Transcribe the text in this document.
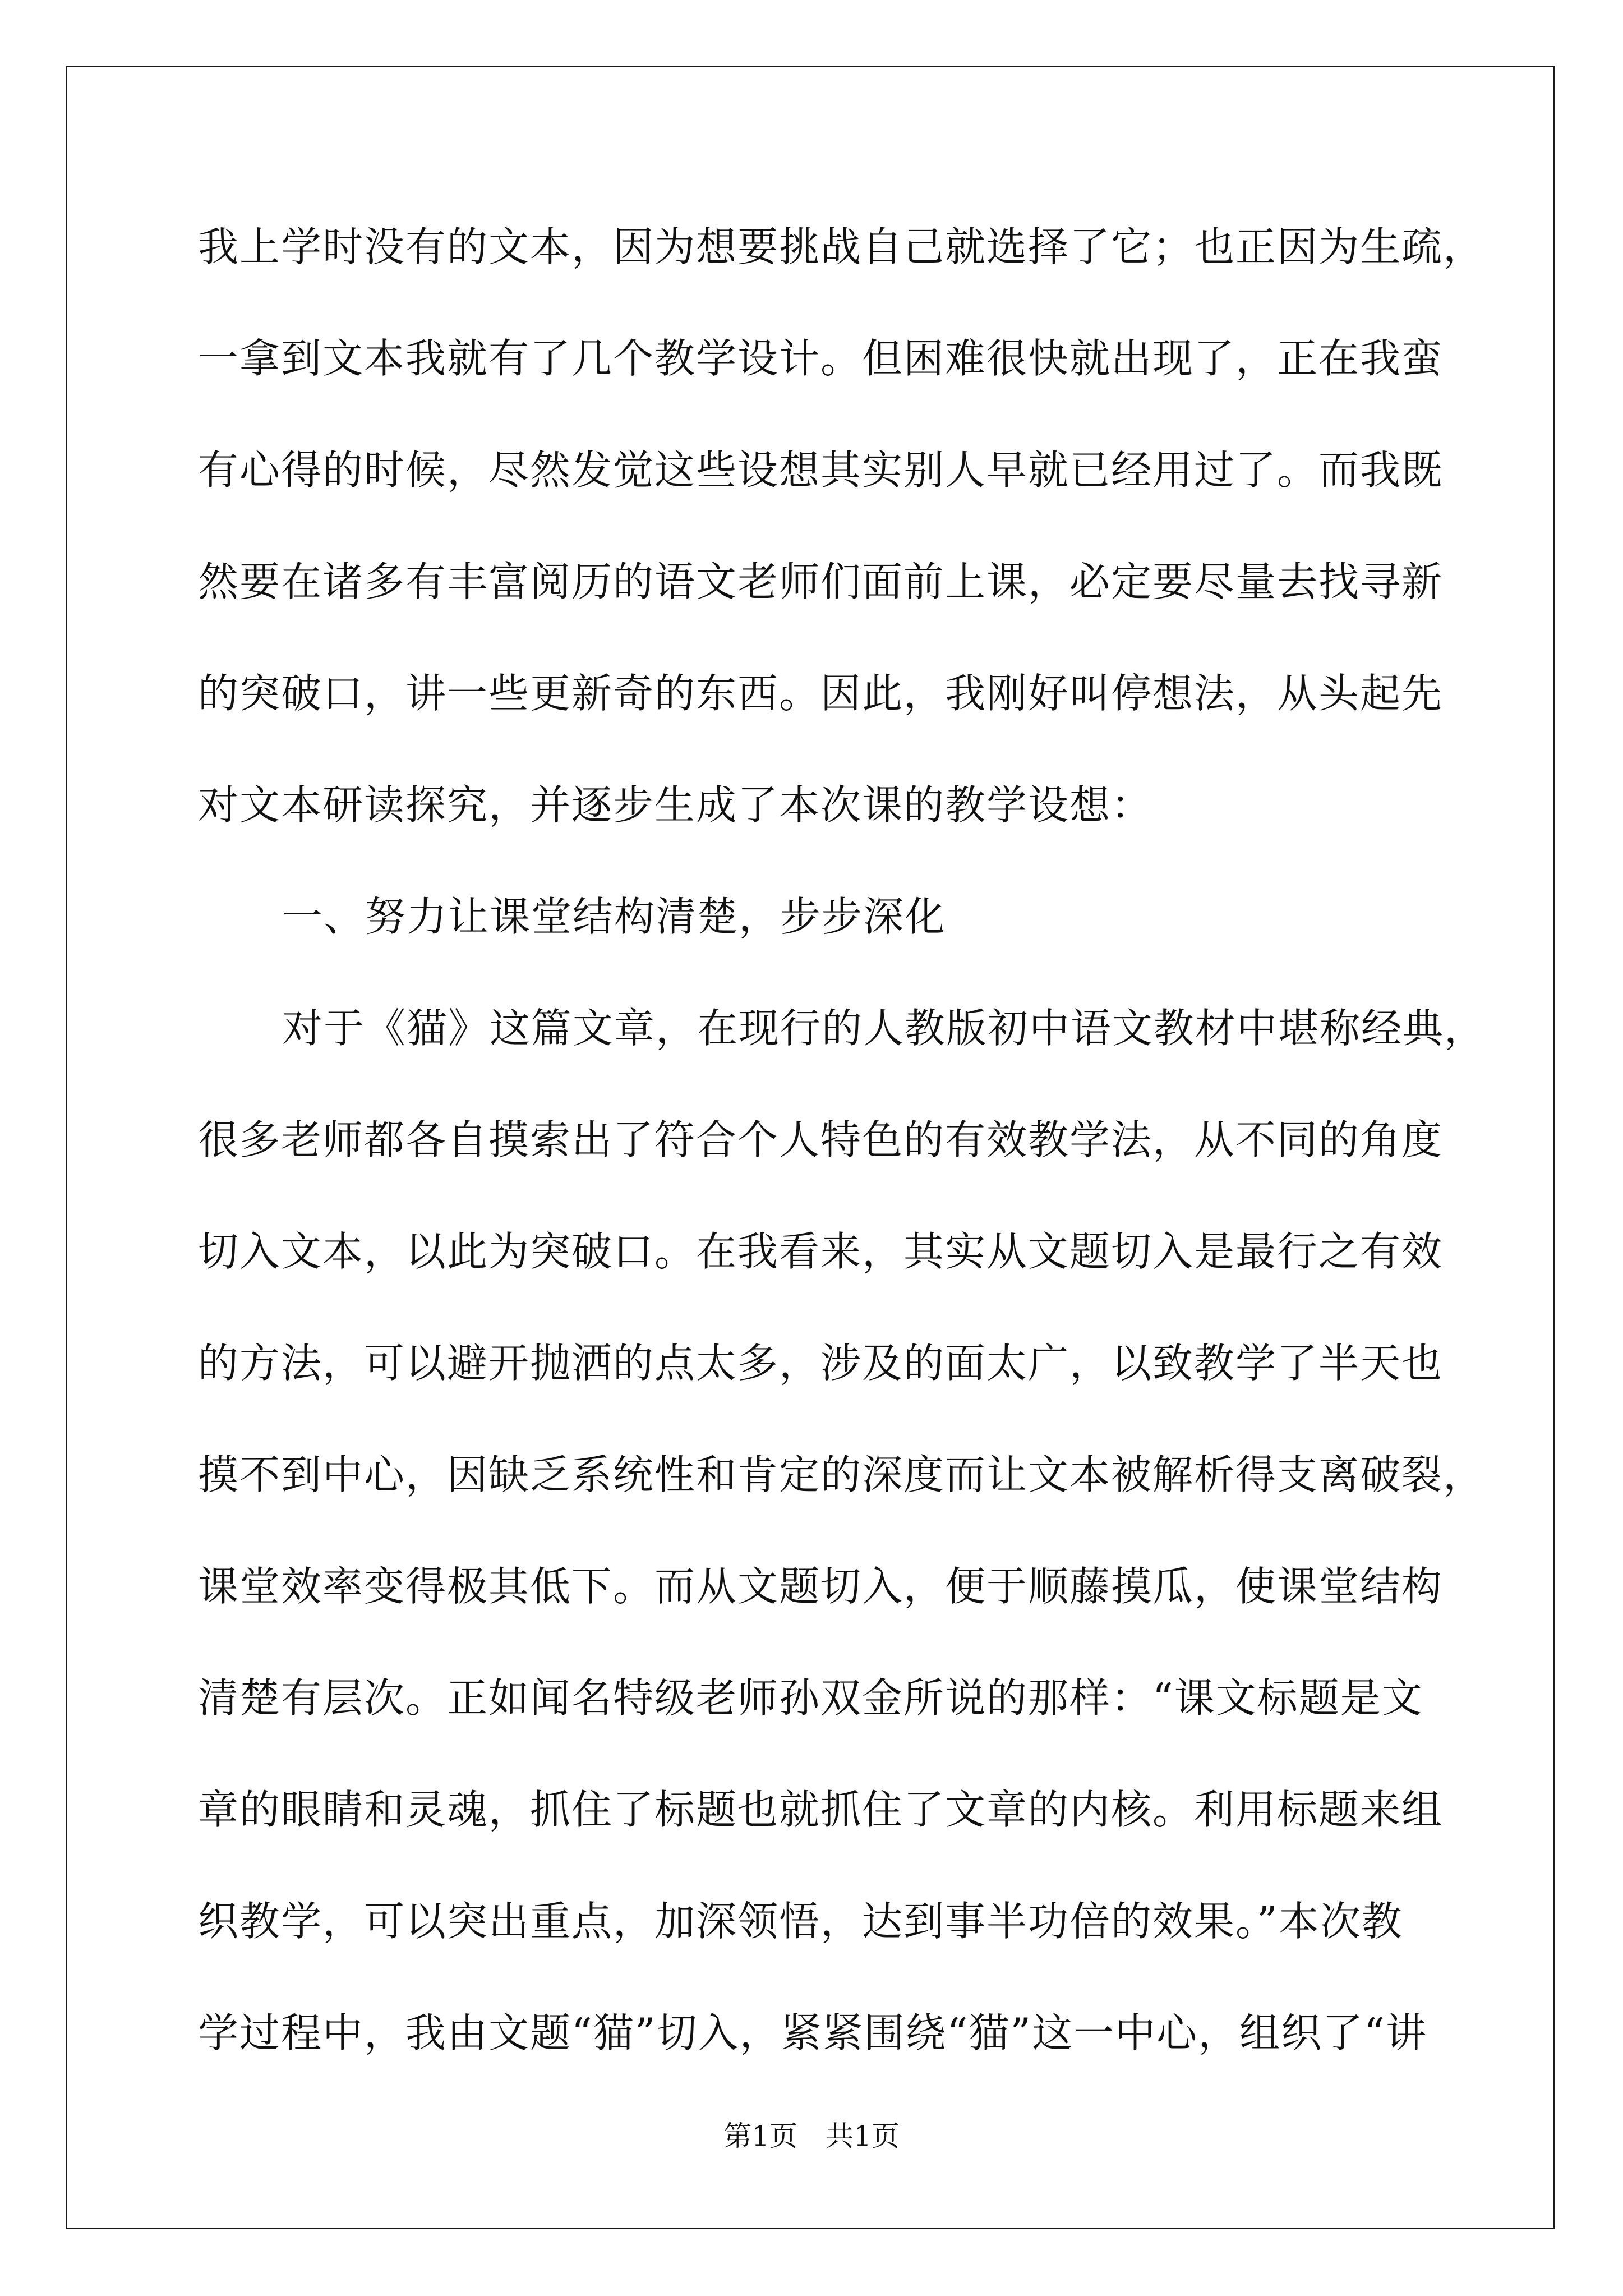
我上学时没有的文本，因为想要挑战自己就选择了它；也正因为生疏，
一拿到文本我就有了几个教学设计。但困难很快就出现了，正在我蛮
有心得的时候，尽然发觉这些设想其实别人早就已经用过了。而我既
然要在诸多有丰富阅历的语文老师们面前上课，必定要尽量去找寻新
的突破口，讲一些更新奇的东西。因此，我刚好叫停想法，从头起先
对文本研读探究，并逐步生成了本次课的教学设想：
一、努力让课堂结构清楚，步步深化
对于《猫》这篇文章，在现行的人教版初中语文教材中堪称经典，
很多老师都各自摸索出了符合个人特色的有效教学法，从不同的角度
切入文本，以此为突破口。在我看来，其实从文题切入是最行之有效
的方法，可以避开抛洒的点太多，涉及的面太广，以致教学了半天也
摸不到中心，因缺乏系统性和肯定的深度而让文本被解析得支离破裂，
课堂效率变得极其低下。而从文题切入，便于顺藤摸瓜，使课堂结构
清楚有层次。正如闻名特级老师孙双金所说的那样：“课文标题是文
章的眼睛和灵魂，抓住了标题也就抓住了文章的内核。利用标题来组
织教学，可以突出重点，加深领悟，达到事半功倍的效果。”本次教
学过程中，我由文题“猫”切入，紧紧围绕“猫”这一中心，组织了“讲
第1页 共1页
